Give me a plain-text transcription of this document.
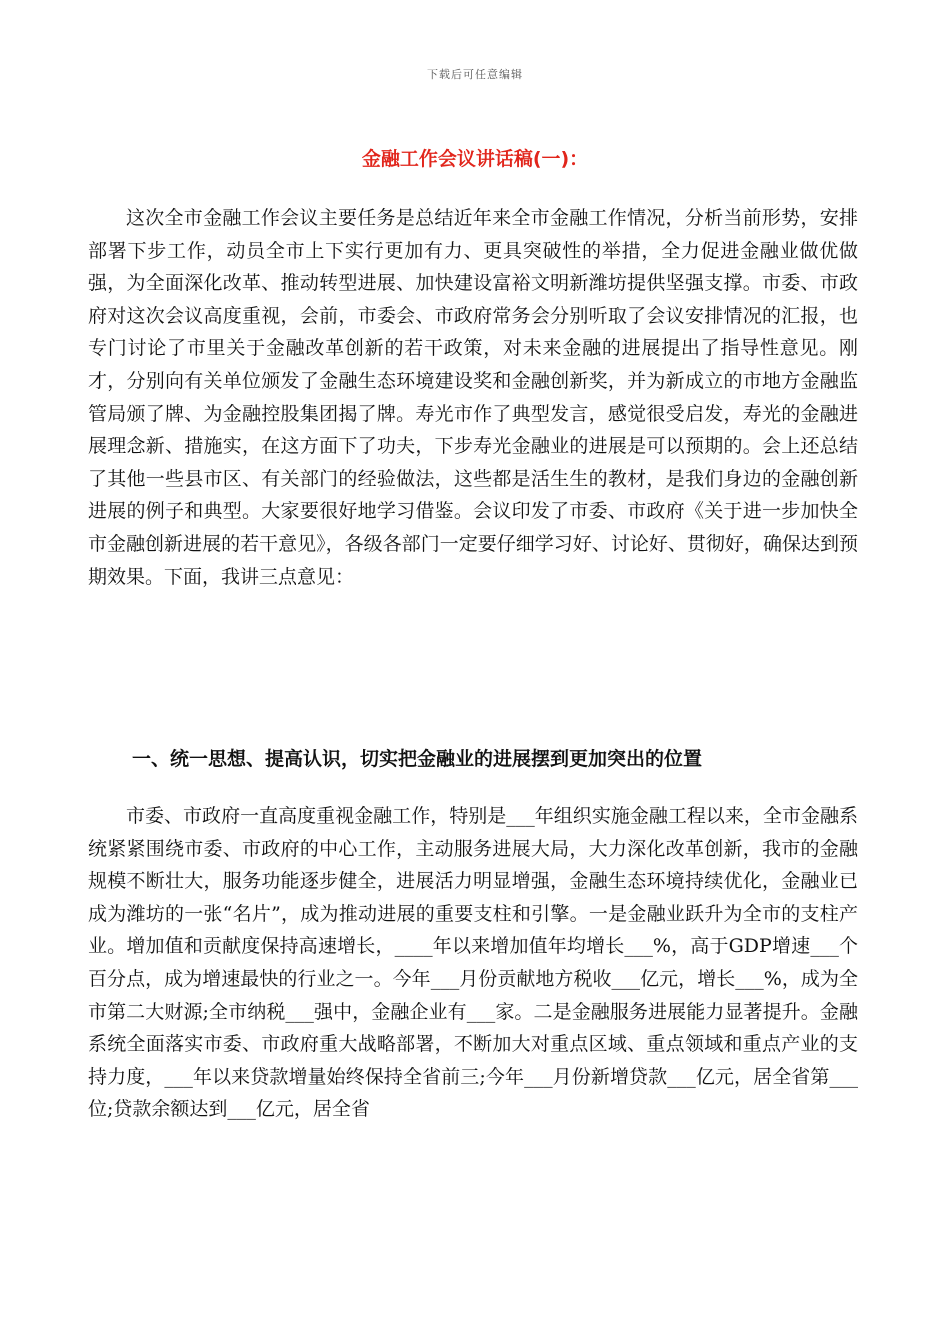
下载后可任意编辑
金融工作会议讲话稿(一)：

这次全市金融工作会议主要任务是总结近年来全市金融工作情况，分析当前形势，安排部署下步工作，动员全市上下实行更加有力、更具突破性的举措，全力促进金融业做优做强，为全面深化改革、推动转型进展、加快建设富裕文明新潍坊提供坚强支撑。市委、市政府对这次会议高度重视，会前，市委会、市政府常务会分别听取了会议安排情况的汇报，也专门讨论了市里关于金融改革创新的若干政策，对未来金融的进展提出了指导性意见。刚才，分别向有关单位颁发了金融生态环境建设奖和金融创新奖，并为新成立的市地方金融监管局颁了牌、为金融控股集团揭了牌。寿光市作了典型发言，感觉很受启发，寿光的金融进展理念新、措施实，在这方面下了功夫，下步寿光金融业的进展是可以预期的。会上还总结了其他一些县市区、有关部门的经验做法，这些都是活生生的教材，是我们身边的金融创新进展的例子和典型。大家要很好地学习借鉴。会议印发了市委、市政府《关于进一步加快全市金融创新进展的若干意见》，各级各部门一定要仔细学习好、讨论好、贯彻好，确保达到预期效果。下面，我讲三点意见：

一、统一思想、提高认识，切实把金融业的进展摆到更加突出的位置

市委、市政府一直高度重视金融工作，特别是___年组织实施金融工程以来，全市金融系统紧紧围绕市委、市政府的中心工作，主动服务进展大局，大力深化改革创新，我市的金融规模不断壮大，服务功能逐步健全，进展活力明显增强，金融生态环境持续优化，金融业已成为潍坊的一张“名片”，成为推动进展的重要支柱和引擎。一是金融业跃升为全市的支柱产业。增加值和贡献度保持高速增长，____年以来增加值年均增长___%，高于GDP增速___个百分点，成为增速最快的行业之一。今年___月份贡献地方税收___亿元，增长___%，成为全市第二大财源;全市纳税___强中，金融企业有___家。二是金融服务进展能力显著提升。金融系统全面落实市委、市政府重大战略部署，不断加大对重点区域、重点领域和重点产业的支持力度，___年以来贷款增量始终保持全省前三;今年___月份新增贷款___亿元，居全省第___位;贷款余额达到___亿元，居全省
